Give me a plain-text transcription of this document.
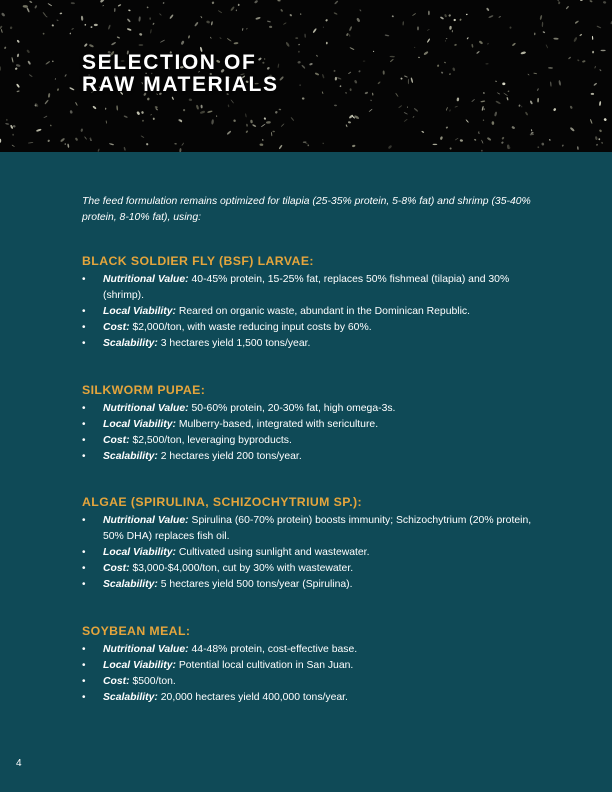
SELECTION OF
RAW MATERIALS

The feed formulation remains optimized for tilapia (25-35% protein, 5-8% fat) and shrimp (35-40% protein, 8-10% fat), using:

BLACK SOLDIER FLY (BSF) LARVAE:
• Nutritional Value: 40-45% protein, 15-25% fat, replaces 50% fishmeal (tilapia) and 30% (shrimp).
• Local Viability: Reared on organic waste, abundant in the Dominican Republic.
• Cost: $2,000/ton, with waste reducing input costs by 60%.
• Scalability: 3 hectares yield 1,500 tons/year.
SILKWORM PUPAE:
• Nutritional Value: 50-60% protein, 20-30% fat, high omega-3s.
• Local Viability: Mulberry-based, integrated with sericulture.
• Cost: $2,500/ton, leveraging byproducts.
• Scalability: 2 hectares yield 200 tons/year.
ALGAE (SPIRULINA, SCHIZOCHYTRIUM SP.):
• Nutritional Value: Spirulina (60-70% protein) boosts immunity; Schizochytrium (20% protein, 50% DHA) replaces fish oil.
• Local Viability: Cultivated using sunlight and wastewater.
• Cost: $3,000-$4,000/ton, cut by 30% with wastewater.
• Scalability: 5 hectares yield 500 tons/year (Spirulina).
SOYBEAN MEAL:
• Nutritional Value: 44-48% protein, cost-effective base.
• Local Viability: Potential local cultivation in San Juan.
• Cost: $500/ton.
• Scalability: 20,000 hectares yield 400,000 tons/year.
4
